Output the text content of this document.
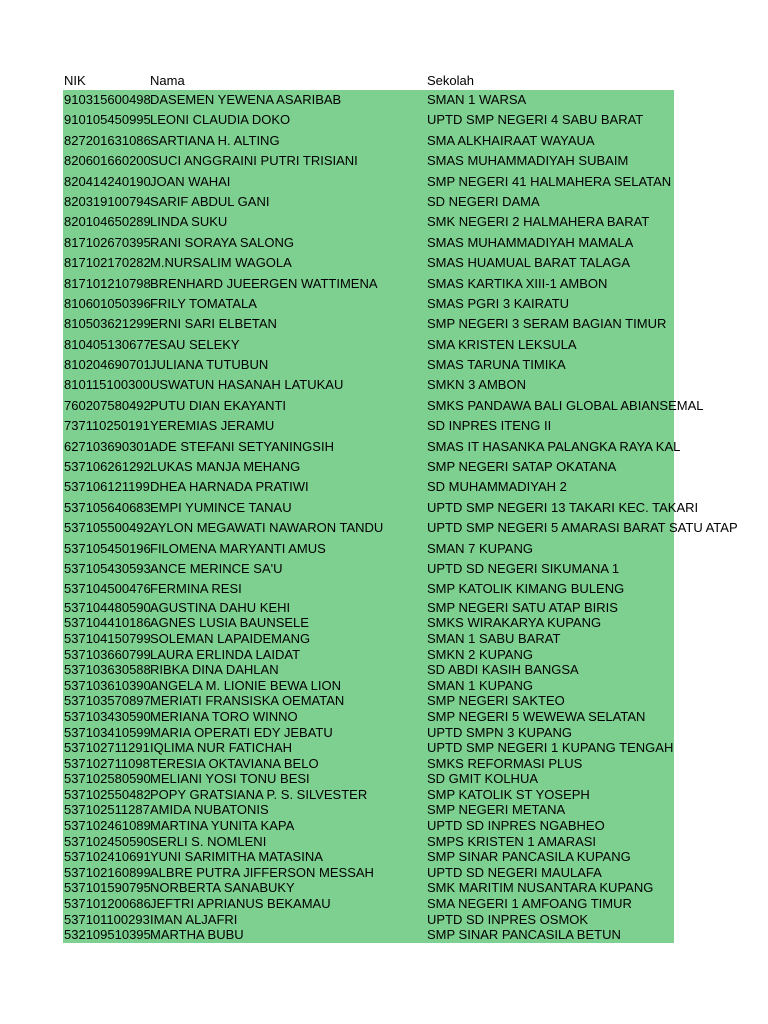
NIK	Nama	Sekolah
910315600498 DASEMEN YEWENA ASARIBAB	SMAN 1 WARSA
910105450995 LEONI CLAUDIA DOKO	UPTD SMP NEGERI 4 SABU BARAT
827201631086 SARTIANA H. ALTING	SMA ALKHAIRAAT WAYAUA
820601660200 SUCI ANGGRAINI PUTRI TRISIANI	SMAS MUHAMMADIYAH SUBAIM
820414240190 JOAN WAHAI	SMP NEGERI 41 HALMAHERA SELATAN
820319100794 SARIF ABDUL GANI	SD NEGERI DAMA
820104650289 LINDA SUKU	SMK NEGERI 2 HALMAHERA BARAT
817102670395 RANI SORAYA SALONG	SMAS MUHAMMADIYAH MAMALA
817102170282 M.NURSALIM WAGOLA	SMAS HUAMUAL BARAT TALAGA
817101210798 BRENHARD JUEERGEN WATTIMENA	SMAS KARTIKA XIII-1 AMBON
810601050396 FRILY TOMATALA	SMAS PGRI 3 KAIRATU
810503621299 ERNI SARI ELBETAN	SMP NEGERI 3 SERAM BAGIAN TIMUR
810405130677 ESAU SELEKY	SMA KRISTEN LEKSULA
810204690701 JULIANA TUTUBUN	SMAS TARUNA TIMIKA
810115100300 USWATUN HASANAH LATUKAU	SMKN 3 AMBON
760207580492 PUTU DIAN EKAYANTI	SMKS PANDAWA BALI GLOBAL ABIANSEMAL
737110250191 YEREMIAS JERAMU	SD INPRES ITENG II
627103690301 ADE STEFANI SETYANINGSIH	SMAS IT HASANKA PALANGKA RAYA KAL
537106261292 LUKAS MANJA MEHANG	SMP NEGERI SATAP OKATANA
537106121199 DHEA HARNADA PRATIWI	SD MUHAMMADIYAH 2
537105640683 EMPI YUMINCE TANAU	UPTD SMP NEGERI 13 TAKARI KEC. TAKARI
537105500492 AYLON MEGAWATI NAWARON TANDU	UPTD SMP NEGERI 5 AMARASI BARAT SATU ATAP
537105450196 FILOMENA MARYANTI AMUS	SMAN 7 KUPANG
537105430593 ANCE MERINCE SA'U	UPTD SD NEGERI SIKUMANA 1
537104500476 FERMINA RESI	SMP KATOLIK KIMANG BULENG
537104480590 AGUSTINA DAHU KEHI	SMP NEGERI SATU ATAP BIRIS
537104410186 AGNES LUSIA BAUNSELE	SMKS WIRAKARYA KUPANG
537104150799 SOLEMAN LAPAIDEMANG	SMAN 1 SABU BARAT
537103660799 LAURA ERLINDA LAIDAT	SMKN 2 KUPANG
537103630588 RIBKA DINA DAHLAN	SD ABDI KASIH BANGSA
537103610390 ANGELA M. LIONIE BEWA LION	SMAN 1 KUPANG
537103570897 MERIATI FRANSISKA OEMATAN	SMP NEGERI SAKTEO
537103430590 MERIANA TORO WINNO	SMP NEGERI 5 WEWEWA SELATAN
537103410599 MARIA OPERATI EDY JEBATU	UPTD SMPN 3 KUPANG
537102711291 IQLIMA NUR FATICHAH	UPTD SMP NEGERI 1 KUPANG TENGAH
537102711098 TERESIA OKTAVIANA BELO	SMKS REFORMASI PLUS
537102580590 MELIANI YOSI TONU BESI	SD GMIT KOLHUA
537102550482 POPY GRATSIANA P. S. SILVESTER	SMP KATOLIK ST YOSEPH
537102511287 AMIDA NUBATONIS	SMP NEGERI METANA
537102461089 MARTINA YUNITA KAPA	UPTD SD INPRES NGABHEO
537102450590 SERLI S. NOMLENI	SMPS KRISTEN 1 AMARASI
537102410691 YUNI SARIMITHA MATASINA	SMP SINAR PANCASILA KUPANG
537102160899 ALBRE PUTRA JIFFERSON MESSAH	UPTD SD NEGERI MAULAFA
537101590795 NORBERTA SANABUKY	SMK MARITIM NUSANTARA KUPANG
537101200686 JEFTRI APRIANUS BEKAMAU	SMA NEGERI 1 AMFOANG TIMUR
537101100293 IMAN ALJAFRI	UPTD SD INPRES OSMOK
532109510395 MARTHA BUBU	SMP SINAR PANCASILA BETUN
